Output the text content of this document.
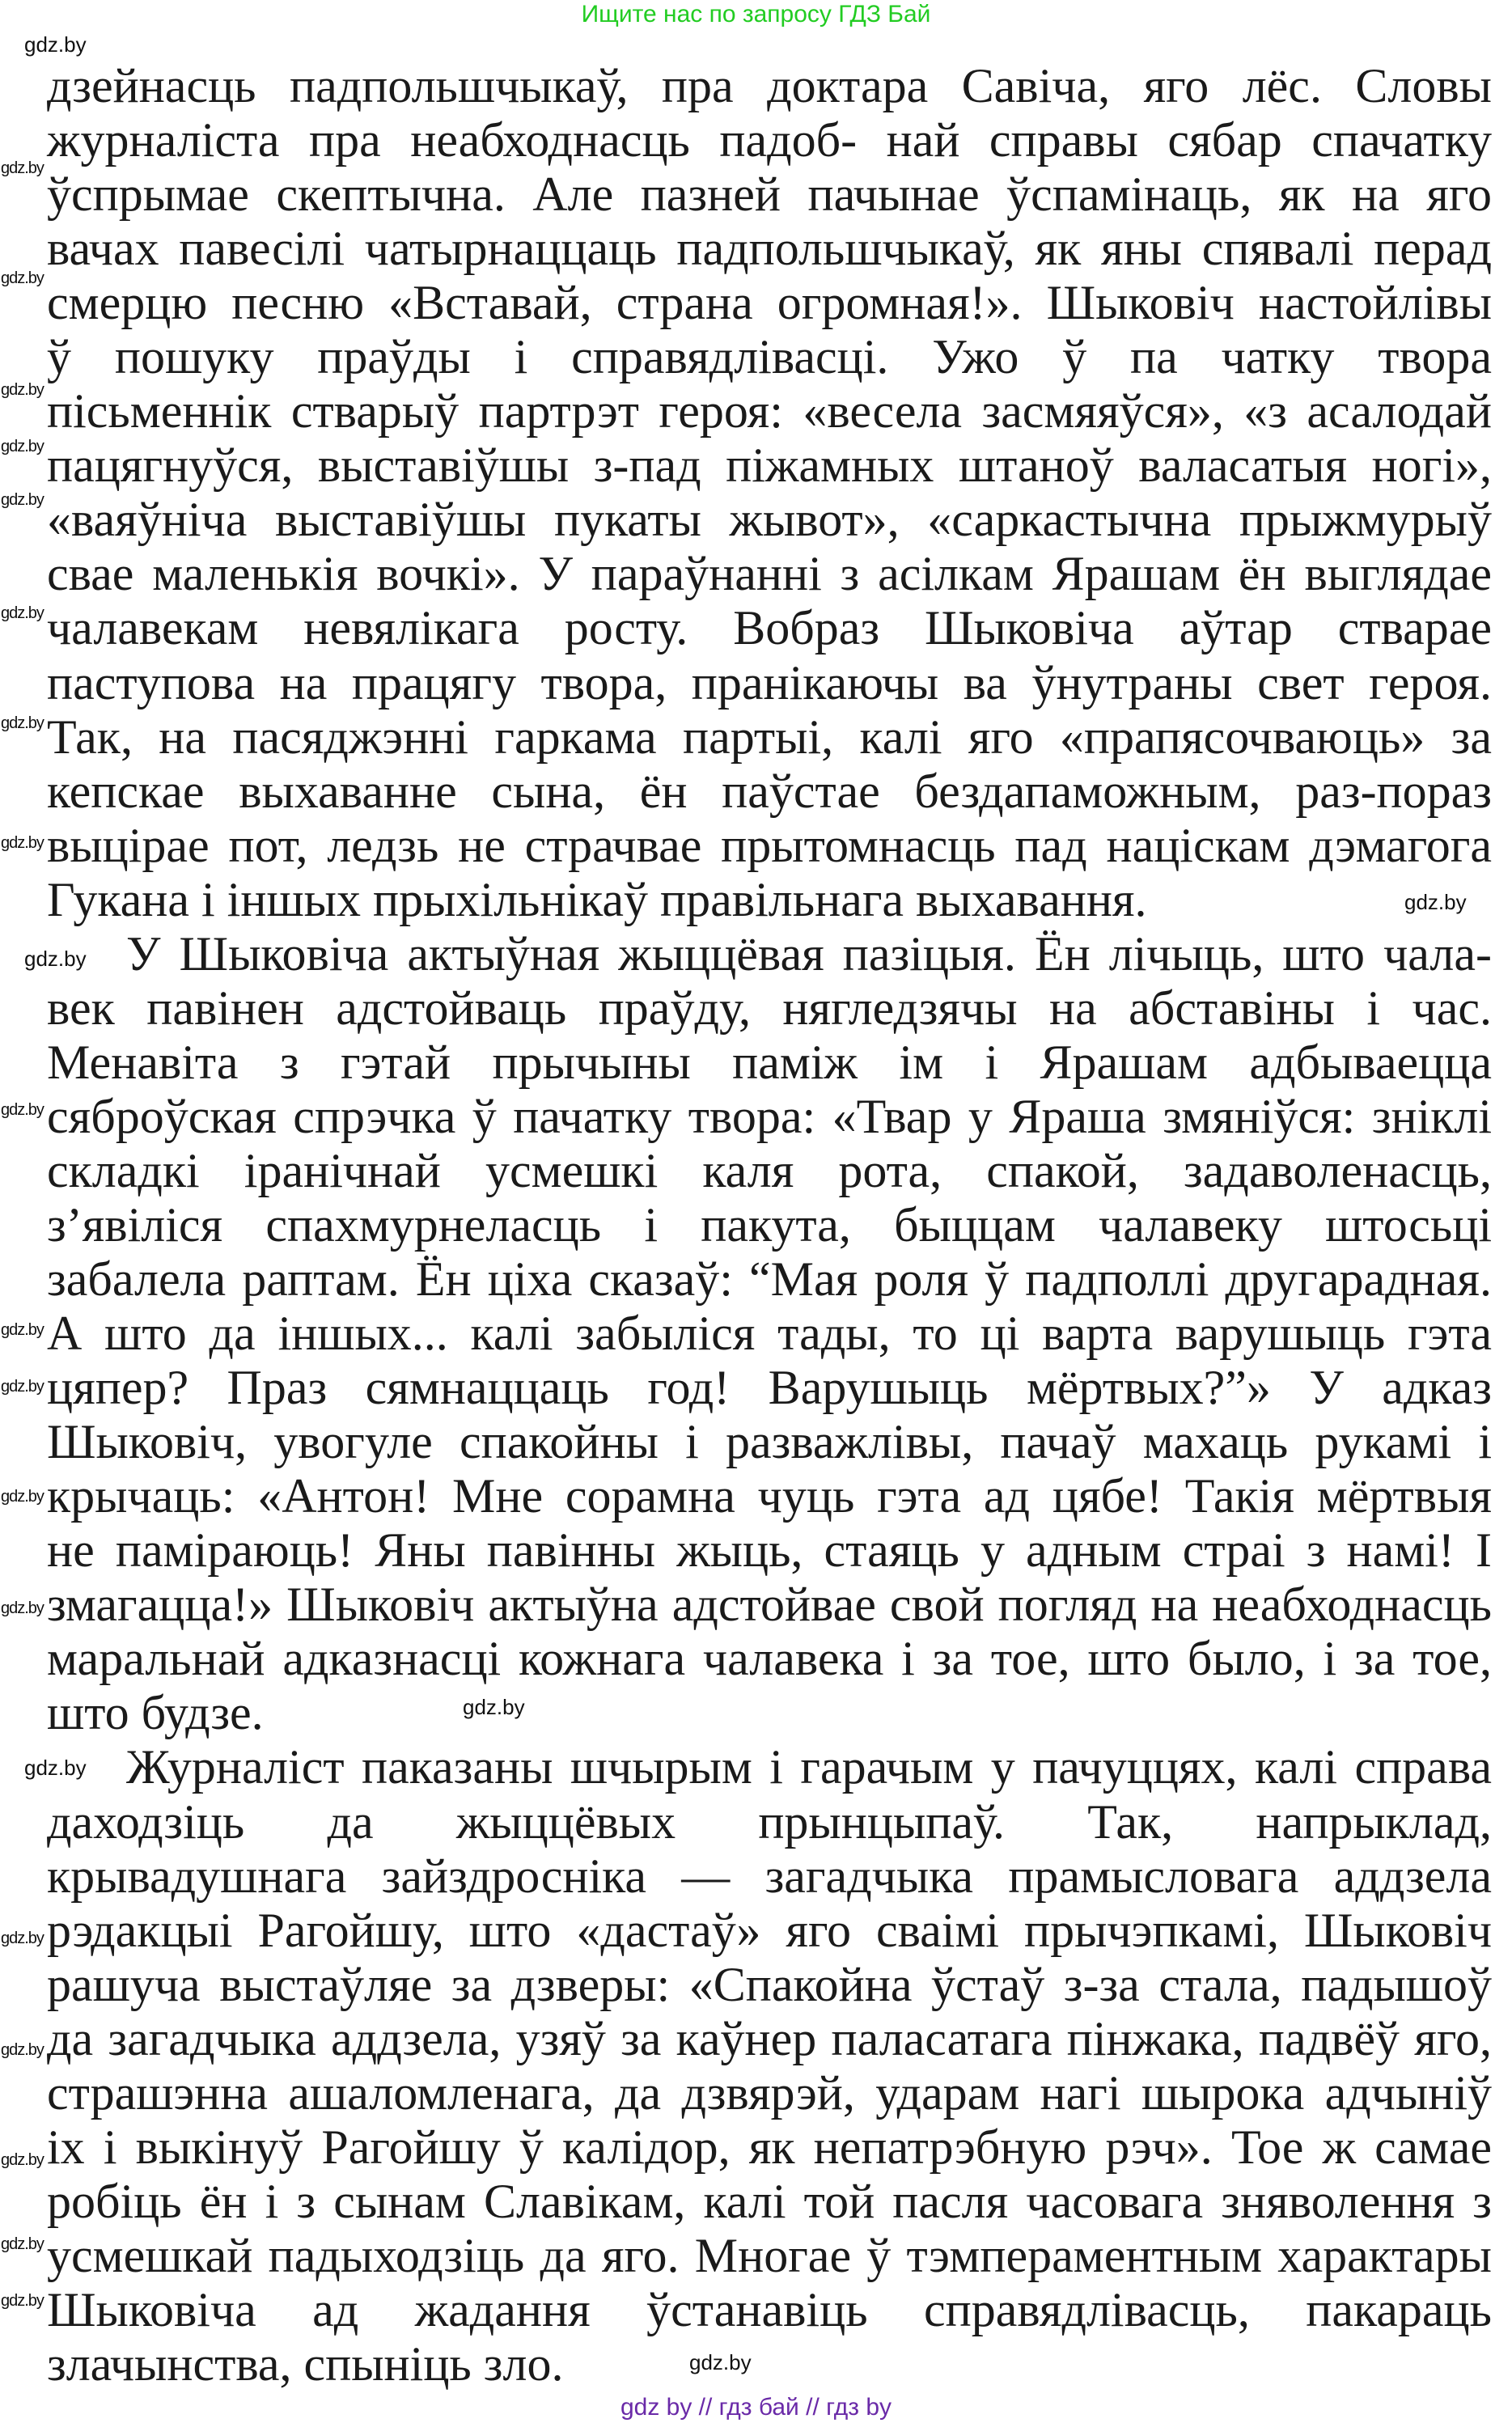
Ищите нас по запросу ГДЗ Бай
дзейнасць падпольшчыкаў, пра доктара Савіча, яго лёс. Словы
журналіста пра неабходнасць падоб- най справы сябар спачатку
ўспрымае скептычна. Але пазней пачынае ўспамінаць, як на яго
вачах павесілі чатырнаццаць падпольшчыкаў, як яны спявалі перад
смерцю песню «Вставай, страна огромная!». Шыковіч настойлівы
ў пошуку праўды і справядлівасці. Ужо ў па чатку твора
пісьменнік стварыў партрэт героя: «весела засмяяўся», «з асалодай
пацягнуўся, выставіўшы з-пад піжамных штаноў валасатыя ногі»,
«ваяўніча выставіўшы пукаты жывот», «саркастычна прыжмурыў
свае маленькія вочкі». У параўнанні з асілкам Ярашам ён выглядае
чалавекам невялікага росту. Вобраз Шыковіча аўтар стварае
паступова на працягу твора, пранікаючы ва ўнутраны свет героя.
Так, на пасяджэнні гаркама партыі, калі яго «прапясочваюць» за
кепскае выхаванне сына, ён паўстае бездапаможным, раз-пораз
выцірае пот, ледзь не страчвае прытомнасць пад націскам дэмагога
Гукана і іншых прыхільнікаў правільнага выхавання.
У Шыковіча актыўная жыццёвая пазіцыя. Ён лічыць, што чала-
век павінен адстойваць праўду, нягледзячы на абставіны і час.
Менавіта з гэтай прычыны паміж ім і Ярашам адбываецца
сяброўская спрэчка ў пачатку твора: «Твар у Яраша змяніўся: зніклі
складкі іранічнай усмешкі каля рота, спакой, задаволенасць,
з’явіліся спахмурнеласць і пакута, быццам чалавеку штосьці
забалела раптам. Ён ціха сказаў: “Мая роля ў падполлі другарадная.
А што да іншых... калі забыліся тады, то ці варта варушыць гэта
цяпер? Праз сямнаццаць год! Варушыць мёртвых?”» У адказ
Шыковіч, увогуле спакойны і разважлівы, пачаў махаць рукамі і
крычаць: «Антон! Мне сорамна чуць гэта ад цябе! Такія мёртвыя
не паміраюць! Яны павінны жыць, стаяць у адным страі з намі! І
змагацца!» Шыковіч актыўна адстойвае свой погляд на неабходнасць
маральнай адказнасці кожнага чалавека і за тое, што было, і за тое,
што будзе.
Журналіст паказаны шчырым і гарачым у пачуццях, калі справа
даходзіць да жыццёвых прынцыпаў. Так, напрыклад,
крывадушнага зайздросніка — загадчыка прамысловага аддзела
рэдакцыі Рагойшу, што «дастаў» яго сваімі прычэпкамі, Шыковіч
рашуча выстаўляе за дзверы: «Спакойна ўстаў з-за стала, падышоў
да загадчыка аддзела, узяў за каўнер паласатага пінжака, падвёў яго,
страшэнна ашаломленага, да дзвярэй, ударам нагі шырока адчыніў
іх і выкінуў Рагойшу ў калідор, як непатрэбную рэч». Тое ж самае
робіць ён і з сынам Славікам, калі той пасля часовага зняволення з
усмешкай падыходзіць да яго. Многае ў тэмпераментным характары
Шыковіча ад жадання ўстанавіць справядлівасць, пакараць
злачынства, спыніць зло.
gdz.by
gdz.by
gdz.by
gdz.by
gdz.by
gdz.by
gdz.by
gdz.by
gdz.by
gdz.by
gdz.by
gdz.by
gdz.by
gdz.by
gdz.by
gdz.by
gdz.by
gdz.by
gdz.by
gdz.by
gdz.by
gdz.by
gdz.by
gdz.by
gdz by // гдз бай // гдз by
